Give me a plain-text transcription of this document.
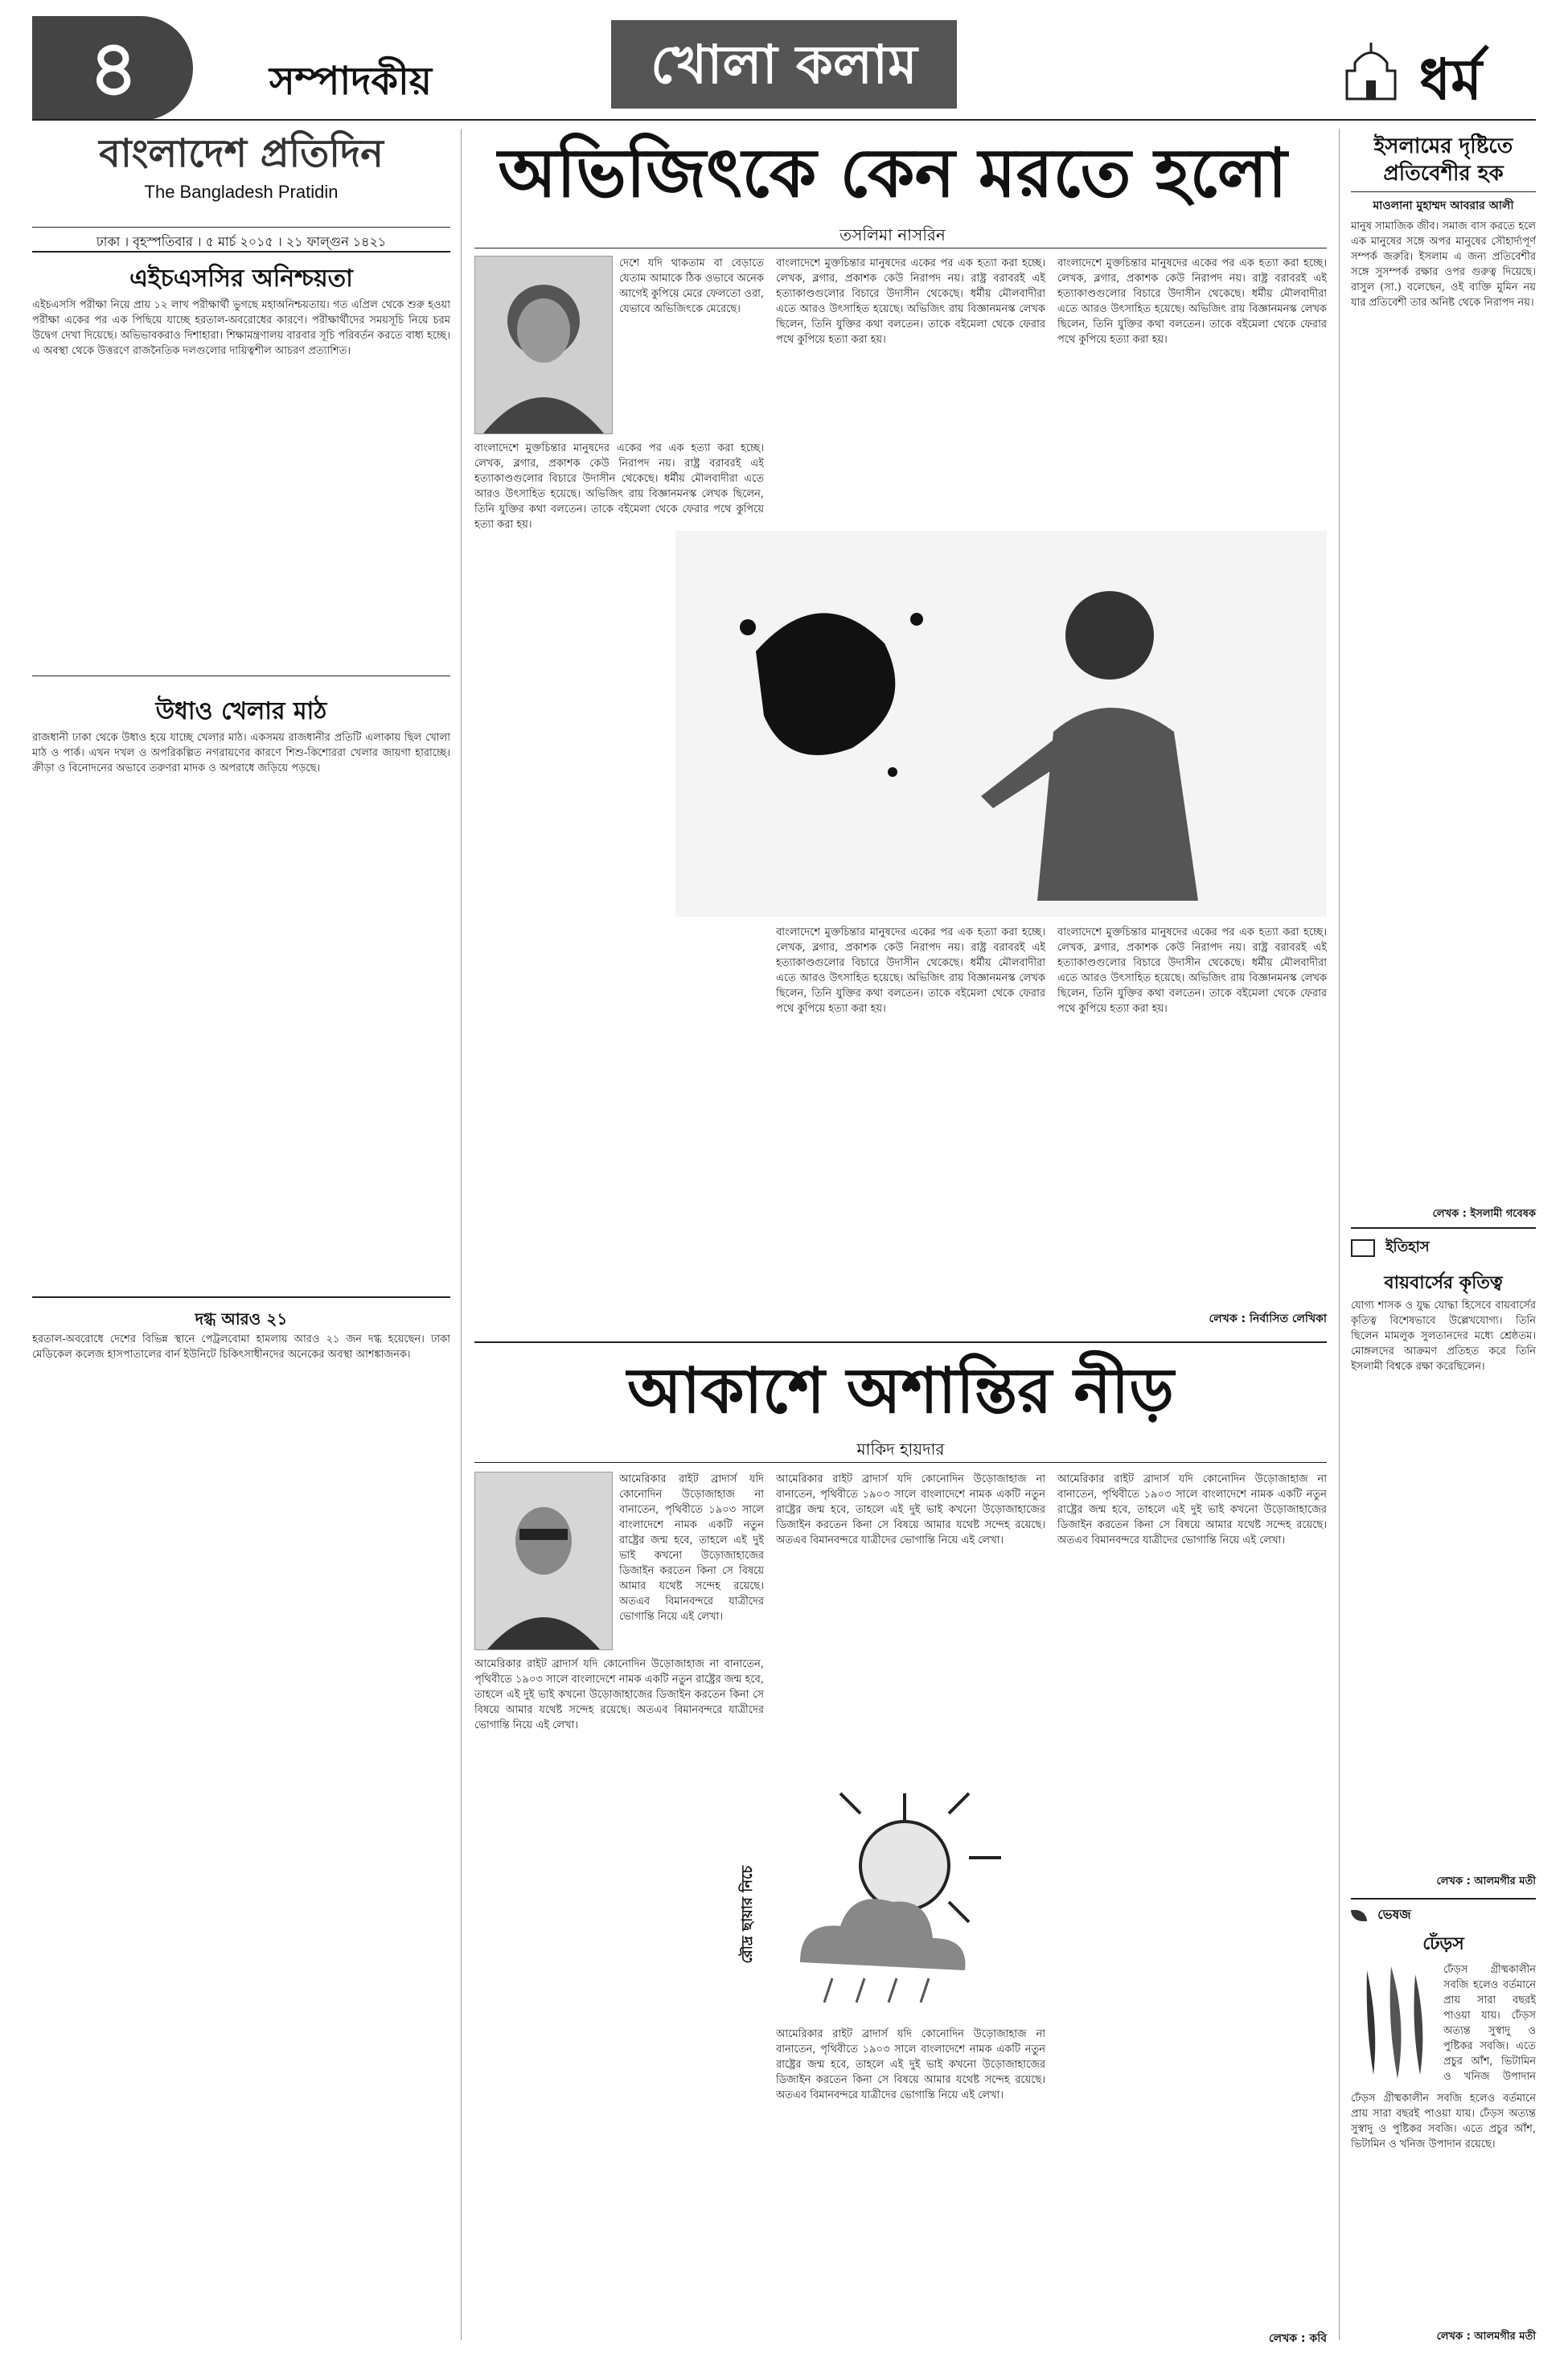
৪	সম্পাদকীয়	খোলা কলাম	ধর্ম
বাংলাদেশ প্রতিদিন
The Bangladesh Pratidin
ঢাকা । বৃহস্পতিবার । ৫ মার্চ ২০১৫ । ২১ ফাল্গুন ১৪২১
এইচএসসির অনিশ্চয়তা
এইচএসসি পরীক্ষা নিয়ে প্রায় ১২ লাখ পরীক্ষার্থী ভুগছে মহাঅনিশ্চয়তায়। গত এপ্রিল থেকে শুরু হওয়া পরীক্ষা একের পর এক পিছিয়ে যাচ্ছে হরতাল-অবরোধের কারণে। পরীক্ষার্থীদের সময়সূচি নিয়ে চরম উদ্বেগ দেখা দিয়েছে। অভিভাবকরাও দিশাহারা। শিক্ষামন্ত্রণালয় বারবার সূচি পরিবর্তন করতে বাধ্য হচ্ছে। এ অবস্থা থেকে উত্তরণে রাজনৈতিক দলগুলোর দায়িত্বশীল আচরণ প্রত্যাশিত।
উধাও খেলার মাঠ
রাজধানী ঢাকা থেকে উধাও হয়ে যাচ্ছে খেলার মাঠ। একসময় রাজধানীর প্রতিটি এলাকায় ছিল খোলা মাঠ ও পার্ক। এখন দখল ও অপরিকল্পিত নগরায়ণের কারণে শিশু-কিশোররা খেলার জায়গা হারাচ্ছে। ক্রীড়া ও বিনোদনের অভাবে তরুণরা মাদক ও অপরাধে জড়িয়ে পড়ছে।
দগ্ধ আরও ২১
হরতাল-অবরোধে দেশের বিভিন্ন স্থানে পেট্রলবোমা হামলায় আরও ২১ জন দগ্ধ হয়েছেন। ঢাকা মেডিকেল কলেজ হাসপাতালের বার্ন ইউনিটে চিকিৎসাধীনদের অনেকের অবস্থা আশঙ্কাজনক।
অভিজিৎকে কেন মরতে হলো
তসলিমা নাসরিন
দেশে যদি থাকতাম বা বেড়াতে যেতাম আমাকে ঠিক ওভাবে অনেক আগেই কুপিয়ে মেরে ফেলতো ওরা, যেভাবে অভিজিৎকে মেরেছে।
বাংলাদেশে মুক্তচিন্তার মানুষদের একের পর এক হত্যা করা হচ্ছে। লেখক, ব্লগার, প্রকাশক কেউ নিরাপদ নয়। রাষ্ট্র বরাবরই এই হত্যাকাণ্ডগুলোর বিচারে উদাসীন থেকেছে। ধর্মীয় মৌলবাদীরা এতে আরও উৎসাহিত হয়েছে। অভিজিৎ রায় বিজ্ঞানমনস্ক লেখক ছিলেন, তিনি যুক্তির কথা বলতেন। তাকে বইমেলা থেকে ফেরার পথে কুপিয়ে হত্যা করা হয়।
বাংলাদেশে মুক্তচিন্তার মানুষদের একের পর এক হত্যা করা হচ্ছে। লেখক, ব্লগার, প্রকাশক কেউ নিরাপদ নয়। রাষ্ট্র বরাবরই এই হত্যাকাণ্ডগুলোর বিচারে উদাসীন থেকেছে। ধর্মীয় মৌলবাদীরা এতে আরও উৎসাহিত হয়েছে। অভিজিৎ রায় বিজ্ঞানমনস্ক লেখক ছিলেন, তিনি যুক্তির কথা বলতেন। তাকে বইমেলা থেকে ফেরার পথে কুপিয়ে হত্যা করা হয়।
বাংলাদেশে মুক্তচিন্তার মানুষদের একের পর এক হত্যা করা হচ্ছে। লেখক, ব্লগার, প্রকাশক কেউ নিরাপদ নয়। রাষ্ট্র বরাবরই এই হত্যাকাণ্ডগুলোর বিচারে উদাসীন থেকেছে। ধর্মীয় মৌলবাদীরা এতে আরও উৎসাহিত হয়েছে। অভিজিৎ রায় বিজ্ঞানমনস্ক লেখক ছিলেন, তিনি যুক্তির কথা বলতেন। তাকে বইমেলা থেকে ফেরার পথে কুপিয়ে হত্যা করা হয়।
বাংলাদেশে মুক্তচিন্তার মানুষদের একের পর এক হত্যা করা হচ্ছে। লেখক, ব্লগার, প্রকাশক কেউ নিরাপদ নয়। রাষ্ট্র বরাবরই এই হত্যাকাণ্ডগুলোর বিচারে উদাসীন থেকেছে। ধর্মীয় মৌলবাদীরা এতে আরও উৎসাহিত হয়েছে। অভিজিৎ রায় বিজ্ঞানমনস্ক লেখক ছিলেন, তিনি যুক্তির কথা বলতেন। তাকে বইমেলা থেকে ফেরার পথে কুপিয়ে হত্যা করা হয়।
বাংলাদেশে মুক্তচিন্তার মানুষদের একের পর এক হত্যা করা হচ্ছে। লেখক, ব্লগার, প্রকাশক কেউ নিরাপদ নয়। রাষ্ট্র বরাবরই এই হত্যাকাণ্ডগুলোর বিচারে উদাসীন থেকেছে। ধর্মীয় মৌলবাদীরা এতে আরও উৎসাহিত হয়েছে। অভিজিৎ রায় বিজ্ঞানমনস্ক লেখক ছিলেন, তিনি যুক্তির কথা বলতেন। তাকে বইমেলা থেকে ফেরার পথে কুপিয়ে হত্যা করা হয়।
লেখক : নির্বাসিত লেখিকা
আকাশে অশান্তির নীড়
মাকিদ হায়দার
আমেরিকার রাইট ব্রাদার্স যদি কোনোদিন উড়োজাহাজ না বানাতেন, পৃথিবীতে ১৯০৩ সালে বাংলাদেশে নামক একটি নতুন রাষ্ট্রের জন্ম হবে, তাহলে এই দুই ভাই কখনো উড়োজাহাজের ডিজাইন করতেন কিনা সে বিষয়ে আমার যথেষ্ট সন্দেহ রয়েছে। অতএব বিমানবন্দরে যাত্রীদের ভোগান্তি নিয়ে এই লেখা।
আমেরিকার রাইট ব্রাদার্স যদি কোনোদিন উড়োজাহাজ না বানাতেন, পৃথিবীতে ১৯০৩ সালে বাংলাদেশে নামক একটি নতুন রাষ্ট্রের জন্ম হবে, তাহলে এই দুই ভাই কখনো উড়োজাহাজের ডিজাইন করতেন কিনা সে বিষয়ে আমার যথেষ্ট সন্দেহ রয়েছে। অতএব বিমানবন্দরে যাত্রীদের ভোগান্তি নিয়ে এই লেখা।
আমেরিকার রাইট ব্রাদার্স যদি কোনোদিন উড়োজাহাজ না বানাতেন, পৃথিবীতে ১৯০৩ সালে বাংলাদেশে নামক একটি নতুন রাষ্ট্রের জন্ম হবে, তাহলে এই দুই ভাই কখনো উড়োজাহাজের ডিজাইন করতেন কিনা সে বিষয়ে আমার যথেষ্ট সন্দেহ রয়েছে। অতএব বিমানবন্দরে যাত্রীদের ভোগান্তি নিয়ে এই লেখা।
রৌদ্র ছায়ার নিচে
আমেরিকার রাইট ব্রাদার্স যদি কোনোদিন উড়োজাহাজ না বানাতেন, পৃথিবীতে ১৯০৩ সালে বাংলাদেশে নামক একটি নতুন রাষ্ট্রের জন্ম হবে, তাহলে এই দুই ভাই কখনো উড়োজাহাজের ডিজাইন করতেন কিনা সে বিষয়ে আমার যথেষ্ট সন্দেহ রয়েছে। অতএব বিমানবন্দরে যাত্রীদের ভোগান্তি নিয়ে এই লেখা।
আমেরিকার রাইট ব্রাদার্স যদি কোনোদিন উড়োজাহাজ না বানাতেন, পৃথিবীতে ১৯০৩ সালে বাংলাদেশে নামক একটি নতুন রাষ্ট্রের জন্ম হবে, তাহলে এই দুই ভাই কখনো উড়োজাহাজের ডিজাইন করতেন কিনা সে বিষয়ে আমার যথেষ্ট সন্দেহ রয়েছে। অতএব বিমানবন্দরে যাত্রীদের ভোগান্তি নিয়ে এই লেখা।
লেখক : কবি
ইসলামের দৃষ্টিতে প্রতিবেশীর হক
মাওলানা মুহাম্মদ আবরার আলী
মানুষ সামাজিক জীব। সমাজ বাস করতে হলে এক মানুষের সঙ্গে অপর মানুষের সৌহার্দ্যপূর্ণ সম্পর্ক জরুরি। ইসলাম এ জন্য প্রতিবেশীর সঙ্গে সুসম্পর্ক রক্ষার ওপর গুরুত্ব দিয়েছে। রাসুল (সা.) বলেছেন, ওই ব্যক্তি মুমিন নয় যার প্রতিবেশী তার অনিষ্ট থেকে নিরাপদ নয়।
লেখক : ইসলামী গবেষক
ইতিহাস
বায়বার্সের কৃতিত্ব
যোগ্য শাসক ও যুদ্ধ যোদ্ধা হিসেবে বায়বার্সের কৃতিত্ব বিশেষভাবে উল্লেখযোগ্য। তিনি ছিলেন মামলুক সুলতানদের মধ্যে শ্রেষ্ঠতম। মোঙ্গলদের আক্রমণ প্রতিহত করে তিনি ইসলামী বিশ্বকে রক্ষা করেছিলেন।
লেখক : আলমগীর মতী
ভেষজ
ঢেঁড়স
ঢেঁড়স গ্রীষ্মকালীন সবজি হলেও বর্তমানে প্রায় সারা বছরই পাওয়া যায়। ঢেঁড়স অত্যন্ত সুস্বাদু ও পুষ্টিকর সবজি। এতে প্রচুর আঁশ, ভিটামিন ও খনিজ উপাদান
ঢেঁড়স গ্রীষ্মকালীন সবজি হলেও বর্তমানে প্রায় সারা বছরই পাওয়া যায়। ঢেঁড়স অত্যন্ত সুস্বাদু ও পুষ্টিকর সবজি। এতে প্রচুর আঁশ, ভিটামিন ও খনিজ উপাদান রয়েছে।
লেখক : আলমগীর মতী
